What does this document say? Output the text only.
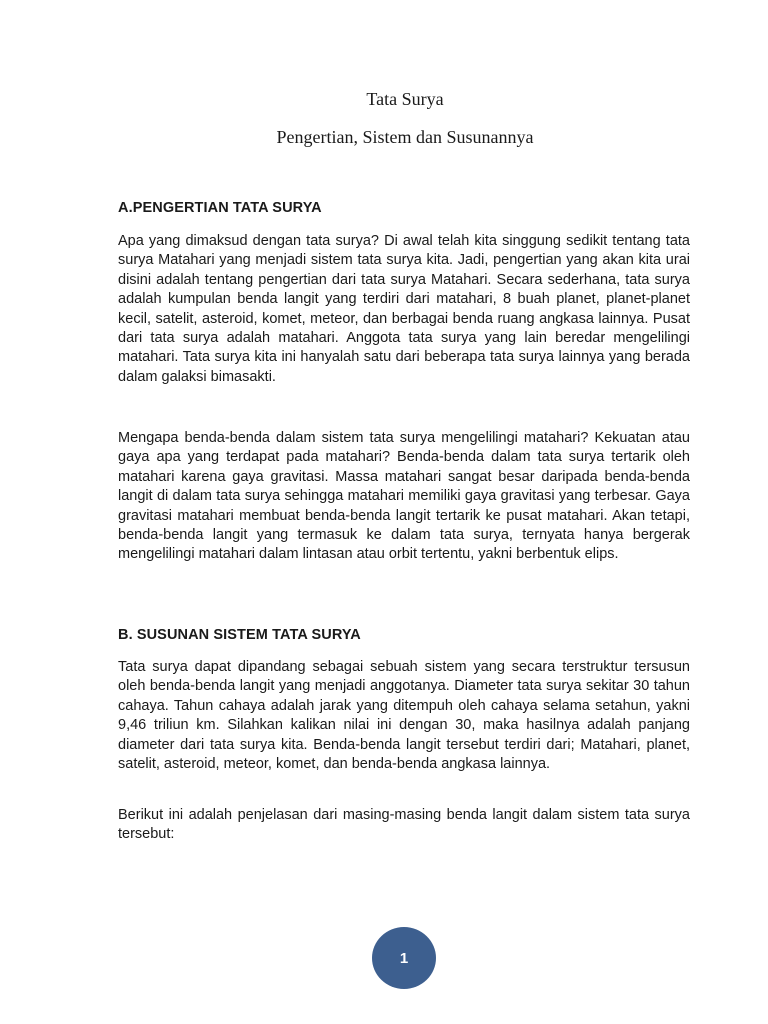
Tata Surya
Pengertian, Sistem dan Susunannya
A.PENGERTIAN TATA SURYA

Apa yang dimaksud dengan tata surya? Di awal telah kita singgung sedikit tentang tata surya Matahari yang menjadi sistem tata surya kita. Jadi, pengertian yang akan kita urai disini adalah tentang pengertian dari tata surya Matahari. Secara sederhana, tata surya adalah kumpulan benda langit yang terdiri dari matahari, 8 buah planet, planet-planet kecil, satelit, asteroid, komet, meteor, dan berbagai benda ruang angkasa lainnya. Pusat dari tata surya adalah matahari. Anggota tata surya yang lain beredar mengelilingi matahari. Tata surya kita ini hanyalah satu dari beberapa tata surya lainnya yang berada dalam galaksi bimasakti.

Mengapa benda-benda dalam sistem tata surya mengelilingi matahari? Kekuatan atau gaya apa yang terdapat pada matahari? Benda-benda dalam tata surya tertarik oleh matahari karena gaya gravitasi. Massa matahari sangat besar daripada benda-benda langit di dalam tata surya sehingga matahari memiliki gaya gravitasi yang terbesar. Gaya gravitasi matahari membuat benda-benda langit tertarik ke pusat matahari. Akan tetapi, benda-benda langit yang termasuk ke dalam tata surya, ternyata hanya bergerak mengelilingi matahari dalam lintasan atau orbit tertentu, yakni berbentuk elips.

B. SUSUNAN SISTEM TATA SURYA

Tata surya dapat dipandang sebagai sebuah sistem yang secara terstruktur tersusun oleh benda-benda langit yang menjadi anggotanya. Diameter tata surya sekitar 30 tahun cahaya. Tahun cahaya adalah jarak yang ditempuh oleh cahaya selama setahun, yakni 9,46 triliun km. Silahkan kalikan nilai ini dengan 30, maka hasilnya adalah panjang diameter dari tata surya kita. Benda-benda langit tersebut terdiri dari; Matahari, planet, satelit, asteroid, meteor, komet, dan benda-benda angkasa lainnya.

Berikut ini adalah penjelasan dari masing-masing benda langit dalam sistem tata surya tersebut:

1
